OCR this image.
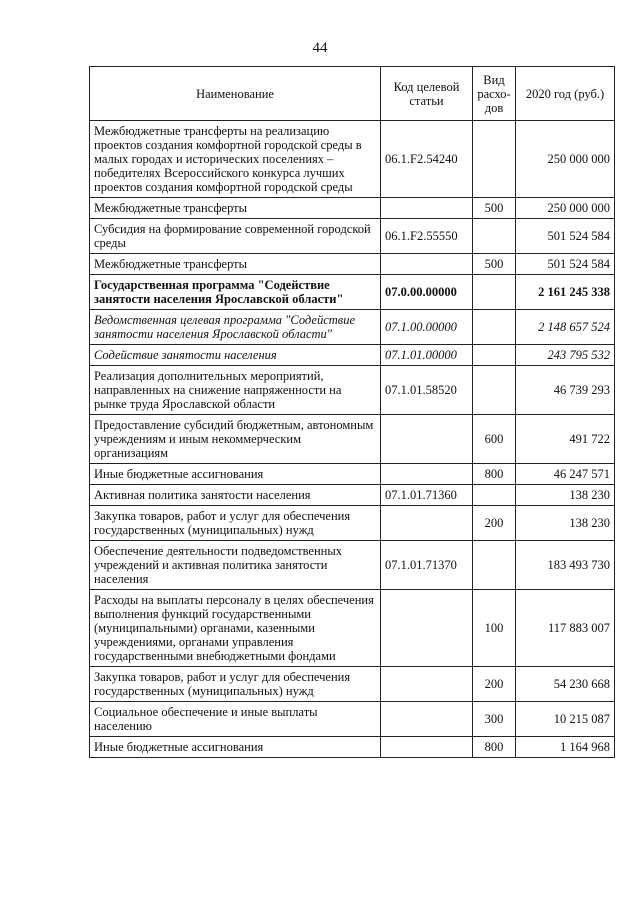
44
Наименование	Код целевой статьи	Вид расхо-дов	2020 год (руб.)
Межбюджетные трансферты на реализацию проектов создания комфортной городской среды в малых городах и исторических поселениях – победителях Всероссийского конкурса лучших проектов создания комфортной городской среды	06.1.F2.54240		250 000 000
Межбюджетные трансферты		500	250 000 000
Субсидия на формирование современной городской среды	06.1.F2.55550		501 524 584
Межбюджетные трансферты		500	501 524 584
Государственная программа "Содействие занятости населения Ярославской области"	07.0.00.00000		2 161 245 338
Ведомственная целевая программа "Содействие занятости населения Ярославской области"	07.1.00.00000		2 148 657 524
Содействие занятости населения	07.1.01.00000		243 795 532
Реализация дополнительных мероприятий, направленных на снижение напряженности на рынке труда Ярославской области	07.1.01.58520		46 739 293
Предоставление субсидий бюджетным, автономным учреждениям и иным некоммерческим организациям		600	491 722
Иные бюджетные ассигнования		800	46 247 571
Активная политика занятости населения	07.1.01.71360		138 230
Закупка товаров, работ и услуг для обеспечения государственных (муниципальных) нужд		200	138 230
Обеспечение деятельности подведомственных учреждений и активная политика занятости населения	07.1.01.71370		183 493 730
Расходы на выплаты персоналу в целях обеспечения выполнения функций государственными (муниципальными) органами, казенными учреждениями, органами управления государственными внебюджетными фондами		100	117 883 007
Закупка товаров, работ и услуг для обеспечения государственных (муниципальных) нужд		200	54 230 668
Социальное обеспечение и иные выплаты населению		300	10 215 087
Иные бюджетные ассигнования		800	1 164 968
